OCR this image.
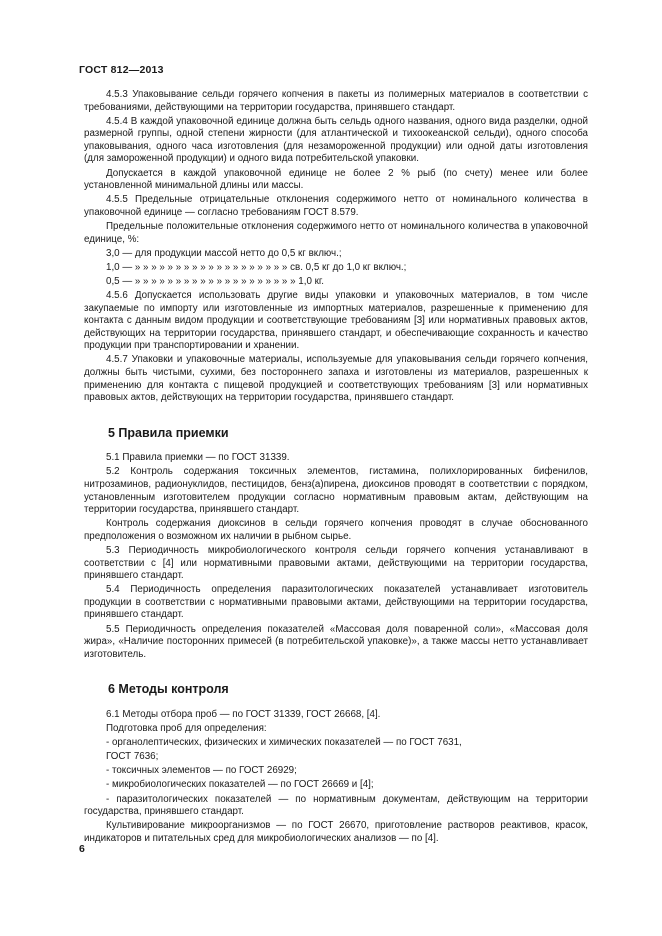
ГОСТ 812—2013

4.5.3 Упаковывание сельди горячего копчения в пакеты из полимерных материалов в соответствии с требованиями, действующими на территории государства, принявшего стандарт.

4.5.4 В каждой упаковочной единице должна быть сельдь одного названия, одного вида разделки, одной размерной группы, одной степени жирности (для атлантической и тихоокеанской сельди), одного способа упаковывания, одного часа изготовления (для незамороженной продукции) или одной даты изготовления (для замороженной продукции) и одного вида потребительской упаковки.

Допускается в каждой упаковочной единице не более 2 % рыб (по счету) менее или более установленной минимальной длины или массы.

4.5.5 Предельные отрицательные отклонения содержимого нетто от номинального количества в упаковочной единице — согласно требованиям ГОСТ 8.579.

Предельные положительные отклонения содержимого нетто от номинального количества в упаковочной единице, %:

3,0 — для продукции массой нетто до 0,5 кг включ.;

1,0 — » » » » » » » » » » » » » » » » » » » св. 0,5 кг до 1,0 кг включ.;

0,5 — » » » » » » » » » » » » » » » » » » » » 1,0 кг.

4.5.6 Допускается использовать другие виды упаковки и упаковочных материалов, в том числе закупаемые по импорту или изготовленные из импортных материалов, разрешенные к применению для контакта с данным видом продукции и соответствующие требованиям [3] или нормативных правовых актов, действующих на территории государства, принявшего стандарт, и обеспечивающие сохранность и качество продукции при транспортировании и хранении.

4.5.7 Упаковки и упаковочные материалы, используемые для упаковывания сельди горячего копчения, должны быть чистыми, сухими, без постороннего запаха и изготовлены из материалов, разрешенных к применению для контакта с пищевой продукцией и соответствующих требованиям [3] или нормативных правовых актов, действующих на территории государства, принявшего стандарт.

5 Правила приемки

5.1 Правила приемки — по ГОСТ 31339.

5.2 Контроль содержания токсичных элементов, гистамина, полихлорированных бифенилов, нитрозаминов, радионуклидов, пестицидов, бенз(а)пирена, диоксинов проводят в соответствии с порядком, установленным изготовителем продукции согласно нормативным правовым актам, действующим на территории государства, принявшего стандарт.

Контроль содержания диоксинов в сельди горячего копчения проводят в случае обоснованного предположения о возможном их наличии в рыбном сырье.

5.3 Периодичность микробиологического контроля сельди горячего копчения устанавливают в соответствии с [4] или нормативными правовыми актами, действующими на территории государства, принявшего стандарт.

5.4 Периодичность определения паразитологических показателей устанавливает изготовитель продукции в соответствии с нормативными правовыми актами, действующими на территории государства, принявшего стандарт.

5.5 Периодичность определения показателей «Массовая доля поваренной соли», «Массовая доля жира», «Наличие посторонних примесей (в потребительской упаковке)», а также массы нетто устанавливает изготовитель.

6 Методы контроля

6.1 Методы отбора проб — по ГОСТ 31339, ГОСТ 26668, [4].

Подготовка проб для определения:

- органолептических, физических и химических показателей — по ГОСТ 7631,

ГОСТ 7636;

- токсичных элементов — по ГОСТ 26929;

- микробиологических показателей — по ГОСТ 26669 и [4];

- паразитологических показателей — по нормативным документам, действующим на территории государства, принявшего стандарт.

Культивирование микроорганизмов — по ГОСТ 26670, приготовление растворов реактивов, красок, индикаторов и питательных сред для микробиологических анализов — по [4].

6
